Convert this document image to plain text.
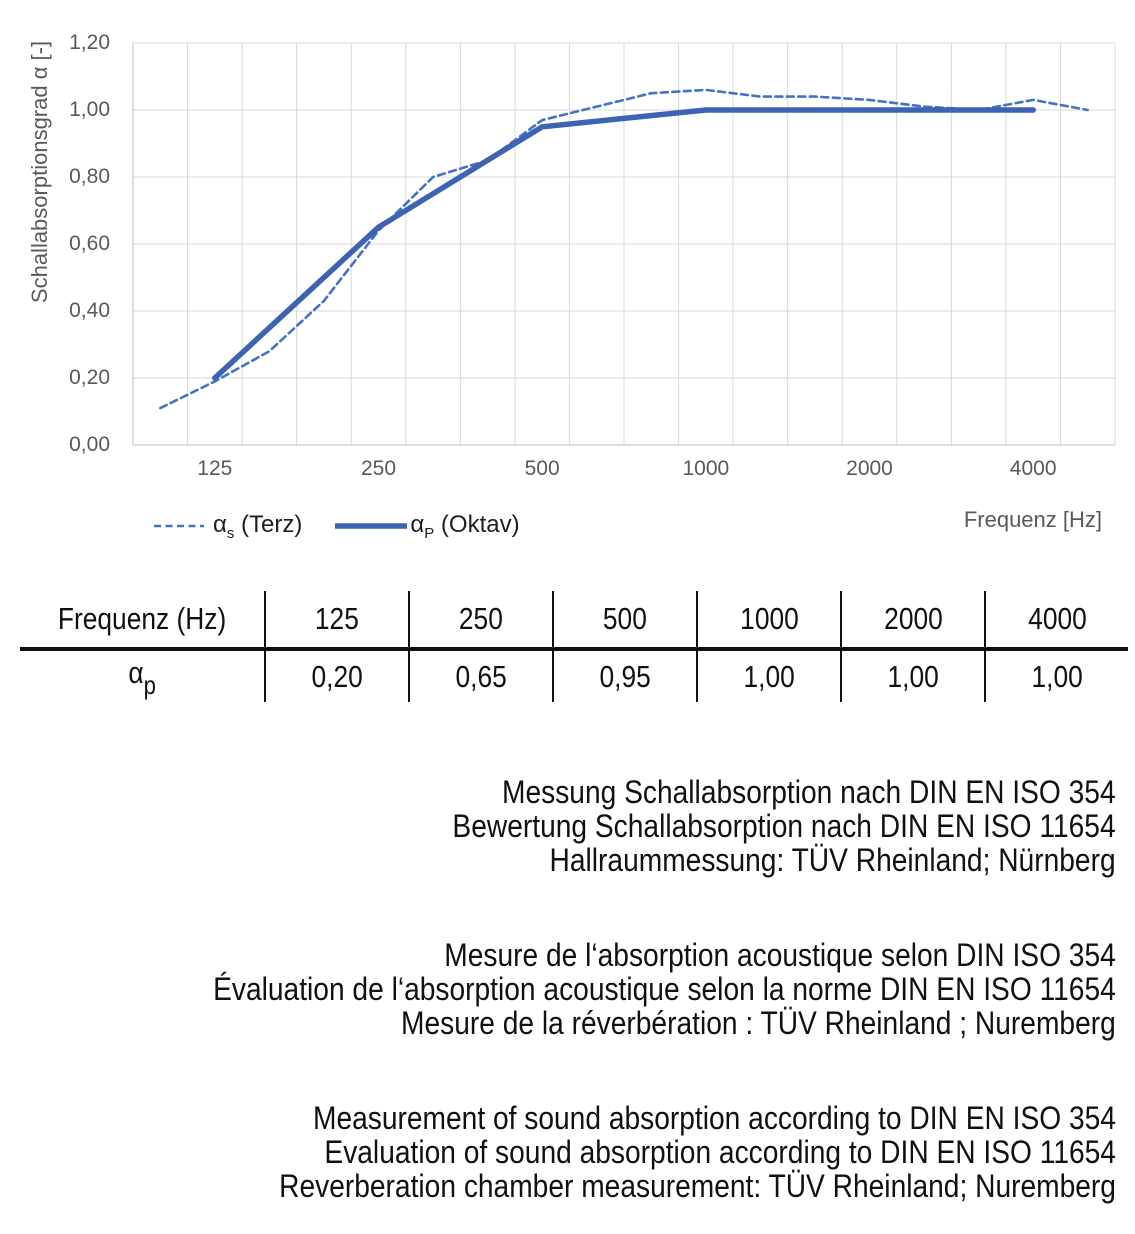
Schallabsorptionsgrad α [-] 1,20
1,00
0,80
0,60
0,40
0,20
0,00
125	250	500	1000	2000	4000
Frequenz [Hz]
$\alpha_s$ (Terz)	$\alpha_P$ (Oktav)
Frequenz (Hz)	125	250	500	1000	2000	4000
$\alpha_p$	0,20	0,65	0,95	1,00	1,00	1,00
Messung Schallabsorption nach DIN EN ISO 354
Bewertung Schallabsorption nach DIN EN ISO 11654
Hallraummessung: TÜV Rheinland; Nürnberg
Mesure de l‘absorption acoustique selon DIN ISO 354
Évaluation de l‘absorption acoustique selon la norme DIN EN ISO 11654
Mesure de la réverbération : TÜV Rheinland ; Nuremberg
Measurement of sound absorption according to DIN EN ISO 354
Evaluation of sound absorption according to DIN EN ISO 11654
Reverberation chamber measurement: TÜV Rheinland; Nuremberg
